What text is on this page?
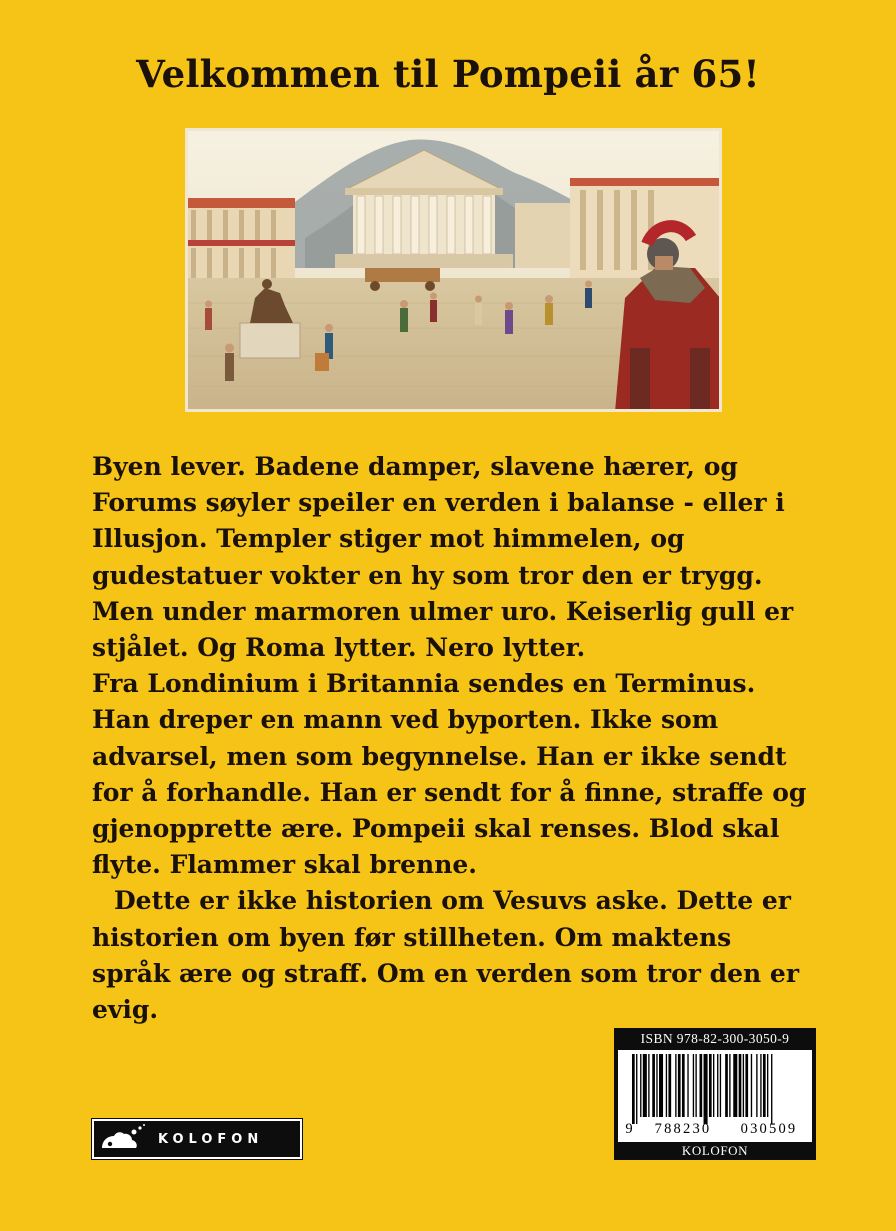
Velkommen til Pompeii år 65!

Byen lever. Badene damper, slavene hærer, og Forums søyler speiler en verden i balanse - eller i Illusjon. Templer stiger mot himmelen, og gudestatuer vokter en hy som tror den er trygg. Men under marmoren ulmer uro. Keiserlig gull er stjålet. Og Roma lytter. Nero lytter.

Fra Londinium i Britannia sendes en Terminus. Han dreper en mann ved byporten. Ikke som advarsel, men som begynnelse. Han er ikke sendt for å forhandle. Han er sendt for å finne, straffe og gjenopprette ære. Pompeii skal renses. Blod skal flyte. Flammer skal brenne.

Dette er ikke historien om Vesuvs aske. Dette er historien om byen før stillheten. Om maktens språk ære og straff. Om en verden som tror den er evig.

KOLOFON
ISBN 978-82-300-3050-9
9	788230	030509
KOLOFON
